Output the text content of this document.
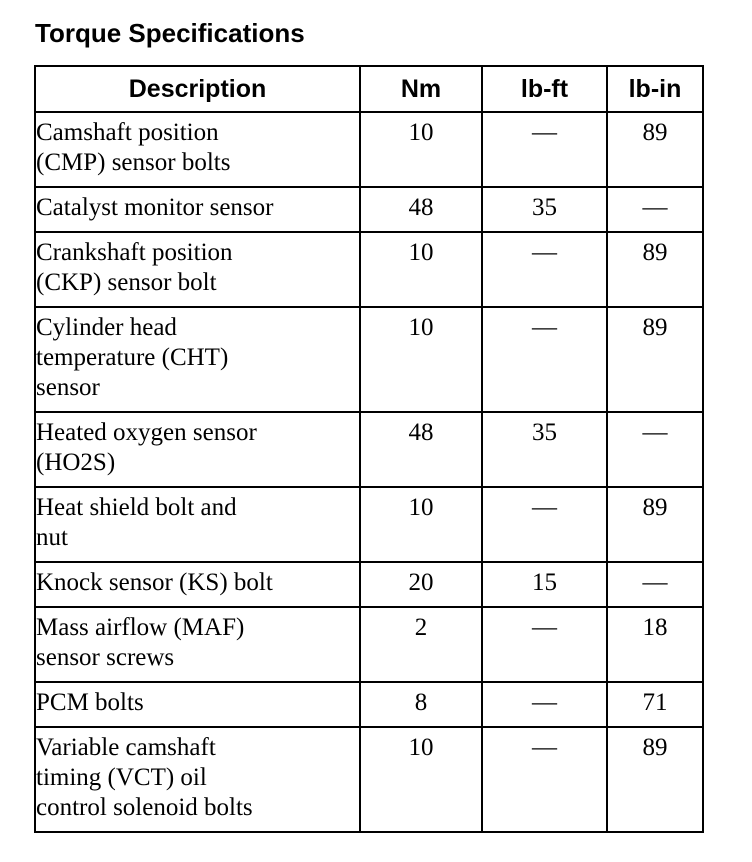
Torque Specifications
Description	Nm	lb-ft	lb-in

Camshaft position
(CMP) sensor bolts	10	—	89

Catalyst monitor sensor	48	35	—

Crankshaft position
(CKP) sensor bolt	10	—	89

Cylinder head
temperature (CHT)
sensor	10	—	89

Heated oxygen sensor
(HO2S)	48	35	—

Heat shield bolt and
nut	10	—	89

Knock sensor (KS) bolt	20	15	—

Mass airflow (MAF)
sensor screws	2	—	18

PCM bolts	8	—	71

Variable camshaft
timing (VCT) oil
control solenoid bolts	10	—	89
